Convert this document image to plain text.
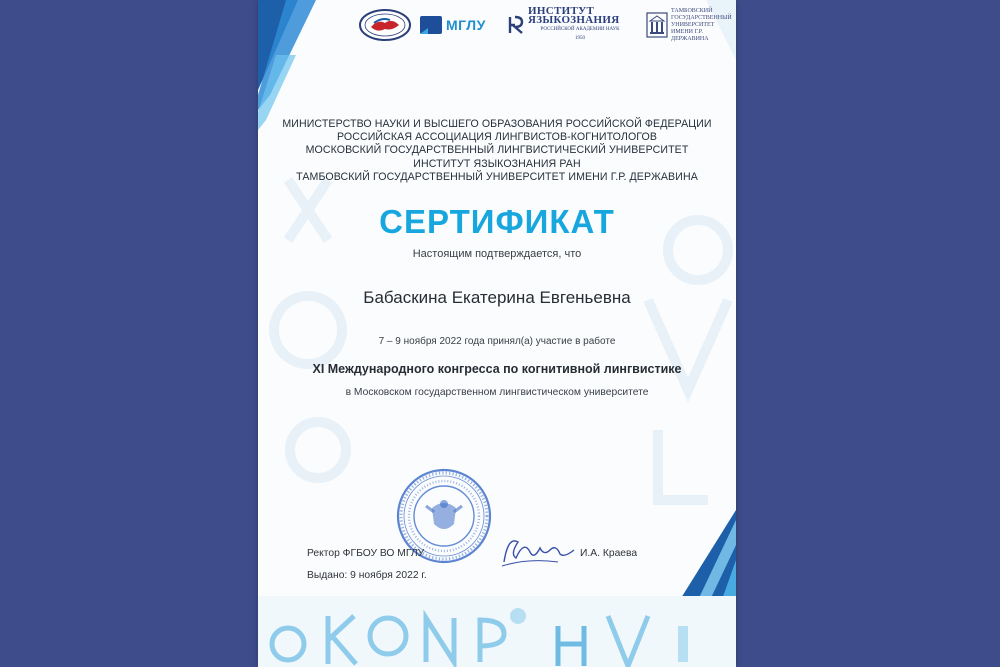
МГЛУ
ИНСТИТУТ ЯЗЫКОЗНАНИЯ
РОССИЙСКОЙ АКАДЕМИИ НАУК
1950
ТАМБОВСКИЙ ГОСУДАРСТВЕННЫЙ УНИВЕРСИТЕТ ИМЕНИ Г.Р. ДЕРЖАВИНА
МИНИСТЕРСТВО НАУКИ И ВЫСШЕГО ОБРАЗОВАНИЯ РОССИЙСКОЙ ФЕДЕРАЦИИ
РОССИЙСКАЯ АССОЦИАЦИЯ ЛИНГВИСТОВ-КОГНИТОЛОГОВ
МОСКОВСКИЙ ГОСУДАРСТВЕННЫЙ ЛИНГВИСТИЧЕСКИЙ УНИВЕРСИТЕТ
ИНСТИТУТ ЯЗЫКОЗНАНИЯ РАН
ТАМБОВСКИЙ ГОСУДАРСТВЕННЫЙ УНИВЕРСИТЕТ ИМЕНИ Г.Р. ДЕРЖАВИНА
СЕРТИФИКАТ
Настоящим подтверждается, что
Бабаскина Екатерина Евгеньевна
7 – 9 ноября 2022 года принял(а) участие в работе
XI Международного конгресса по когнитивной лингвистике
в Московском государственном лингвистическом университете
Ректор ФГБОУ ВО МГЛУ	И.А. Краева
Выдано: 9 ноября 2022 г.
